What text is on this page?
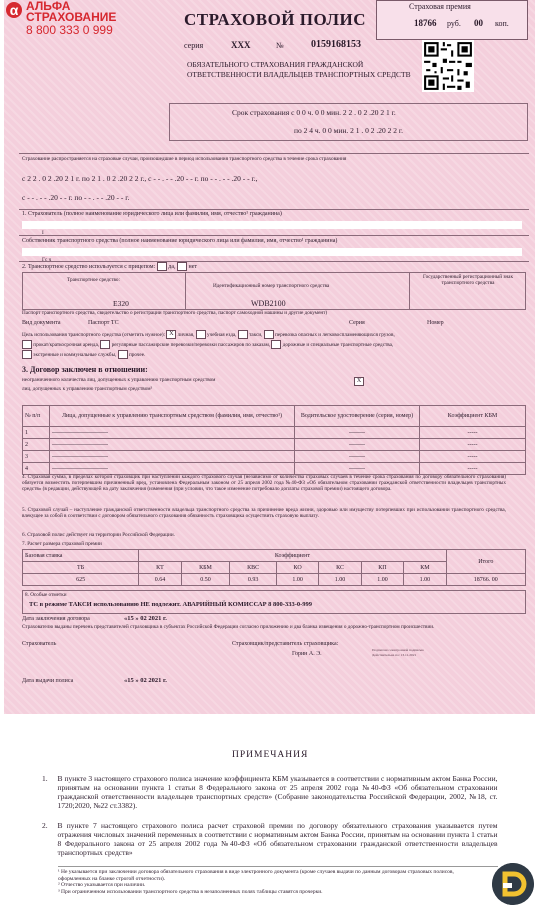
α АЛЬФА
СТРАХОВАНИЕ
8 800 333 0 999
СТРАХОВОЙ ПОЛИС
серия	ХХХ	№	0159168153
Страховая премия
18766 руб. 00 коп.
ОБЯЗАТЕЛЬНОГО СТРАХОВАНИЯ ГРАЖДАНСКОЙ ОТВЕТСТВЕННОСТИ ВЛАДЕЛЬЦЕВ ТРАНСПОРТНЫХ СРЕДСТВ
Срок страхования с 0 0 ч. 0 0 мин. 2 2 . 0 2 .20 2 1 г.
по 2 4 ч. 0 0 мин. 2 1 . 0 2 .20 2 2 г.
Страхование распространяется на страховые случаи, произошедшие в период использования транспортного средства в течение срока страхования
с 2 2 . 0 2 .20 2 1 г. по 2 1 . 0 2 .20 2 2 г., с - - . - - .20 - - г. по - - . - - .20 - - г.,
с - - . - - .20 - - г. по - - . - - .20 - - г.
1. Страхователь (полное наименование юридического лица или фамилия, имя, отчество¹ гражданина)
I
Собственник транспортного средства (полное наименование юридического лица или фамилия, имя, отчество¹ гражданина)
Гс ч
2. Транспортное средство используется с прицепом: да, нет
Транспортное средство:
Идентификационный номер транспортного средства
Государственный регистрационный знак транспортного средства
E320	WDB2100
Паспорт транспортного средства, свидетельство о регистрации транспортного средства, паспорт самоходной машины и другие документ)
Вид документа	Паспорт ТС	Серия	Номер
Цель использования транспортного средства (отметить нужное): X личная, учебная езда, такси, перевозка опасных и легковоспламеняющихся грузов,
прокат/краткосрочная аренда, регулярные пассажирские перевозки/перевозки пассажиров по заказам, дорожные и специальные транспортные средства,
экстренные и коммунальные службы, прочее.
3. Договор заключен в отношении:
неограниченного количества лиц, допущенных к управлению транспортным средством	X
лиц, допущенных к управлению транспортным средством²
№ п/п	Лица, допущенные к управлению транспортным средством (фамилия, имя, отчество¹)	Водительское удостоверение (серия, номер)	Коэффициент КБМ
1	----------------------------	--------	-----
2	----------------------------	--------	-----
3	----------------------------	--------	-----
4	----------------------------	--------	-----
4. Страховая сумма, в пределах которой страховщик при наступлении каждого страхового случая (независимо от количества страховых случаев в течение срока страхования по договору обязательного страхования) обязуется возместить потерпевшим причиненный вред, установлена Федеральным законом от 25 апреля 2002 года №40-ФЗ «Об обязательном страховании гражданской ответственности владельцев транспортных средств» (в редакции, действующей на дату заключения (изменения (при условии, что такое изменение потребовало доплаты страховой премии) настоящего договора.
5. Страховой случай – наступление гражданской ответственности владельца транспортного средства за причинение вреда жизни, здоровью или имуществу потерпевших при использовании транспортного средства, влекущее за собой в соответствии с договором обязательного страхования обязанность страховщика осуществить страховую выплату.
6. Страховой полис действует на территории Российской Федерации.
7. Расчет размера страховой премии
Базовая ставка	Коэффициент							Итого
ТБ	КТ	КБМ	КВС	КО	КС	КП	КМ	
625	0.64	0.50	0.93	1.00	1.00	1.00	1.00	18766. 00
8. Особые отметки
ТС в режиме ТАКСИ использованию НЕ подлежит. АВАРИЙНЫЙ КОМИССАР 8 800-333-0-999
Дата заключения договора	«15 » 02 2021 г.
Страхователю выданы перечень представителей страховщика в субъектах Российской Федерации согласно приложению и два бланка извещения о дорожно-транспортном происшествии.
Страхователь	Страховщик/представитель страховщика:
Горин А. Э.
Подписано электронной подписью
Действительна по: 13.11.2021
Дата выдачи полиса	«15 » 02 2021 г.
ПРИМЕЧАНИЯ
1. В пункте 3 настоящего страхового полиса значение коэффициента КБМ указывается в соответствии с нормативным актом Банка России, принятым на основании пункта 1 статьи 8 Федерального закона от 25 апреля 2002 года №40-ФЗ «Об обязательном страховании гражданской ответственности владельцев транспортных средств» (Собрание законодательства Российской Федерации, 2002, №18, ст. 1720;2020, №22 ст.3382).
2. В пункте 7 настоящего страхового полиса расчет страховой премии по договору обязательного страхования указывается путем отражения числовых значений переменных в соответствии с нормативным актом Банка России, принятым на основании пункта 1 статьи 8 Федерального закона от 25 апреля 2002 года №40-ФЗ «Об обязательном страховании гражданской ответственности владельцев транспортных средств»
¹ Не указывается при заключении договора обязательного страхования в виде электронного документа (кроме случаев выдачи по данным договорам страховых полисов, оформленных на бланке строгой отчетности).
² Отчество указывается при наличии.
³ При ограниченном использовании транспортного средства в незаполненных полях таблицы ставятся прочерки.
